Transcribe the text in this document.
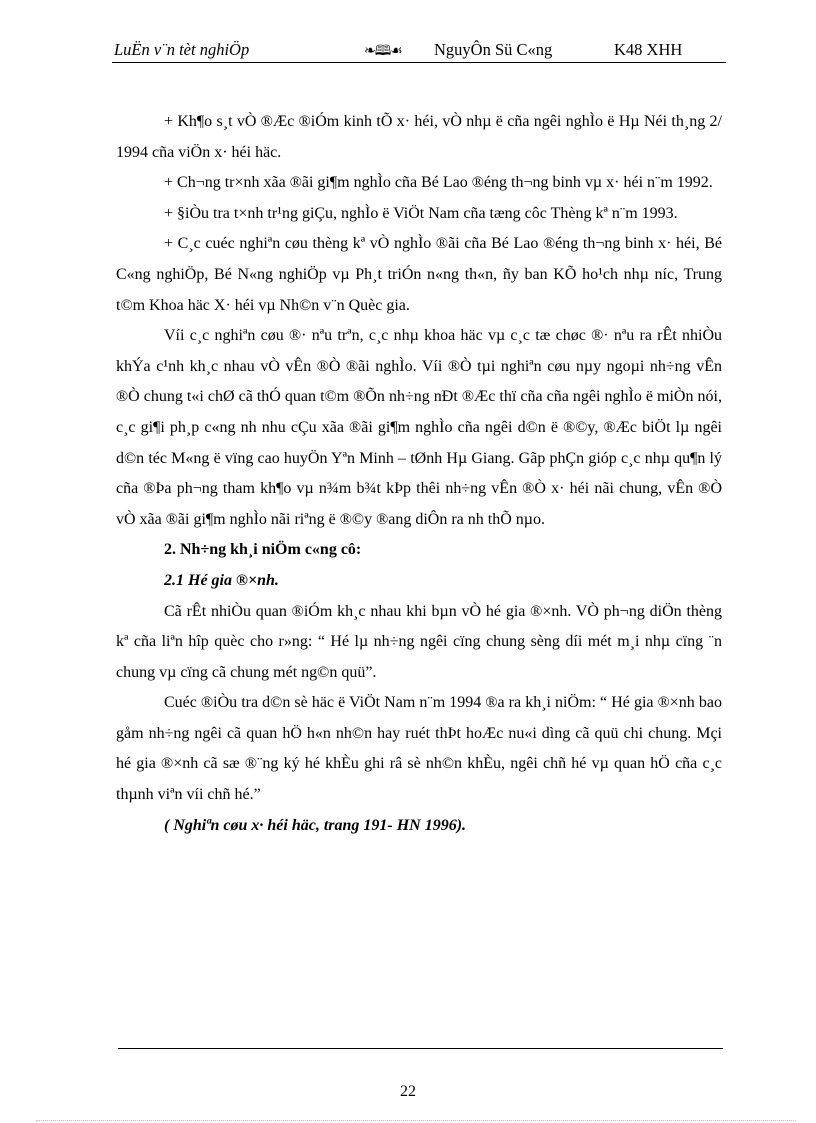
LuËn v¨n tèt nghiÖp	❧🕮☙ NguyÔn Sü C«ng	K48 XHH

+ Kh¶o s¸t vÒ ®Æc ®iÓm kinh tÕ x· héi, vÒ nhµ ë cña ngêi nghÌo ë Hµ Néi th¸ng 2/ 1994 cña viÖn x· héi häc.

+ Ch¬ng tr×nh xãa ®ãi gi¶m nghÌo cña Bé Lao ®éng th¬ng binh vµ x· héi n¨m 1992.

+ §iÒu tra t×nh tr¹ng giÇu, nghÌo ë ViÖt Nam cña tæng côc Thèng kª n¨m 1993.

+ C¸c cuéc nghiªn cøu thèng kª vÒ nghÌo ®ãi cña Bé Lao ®éng th¬ng binh x· héi, Bé C«ng nghiÖp, Bé N«ng nghiÖp vµ Ph¸t triÓn n«ng th«n, ñy ban KÕ ho¹ch nhµ níc, Trung t©m Khoa häc X· héi vµ Nh©n v¨n Quèc gia.

Víi c¸c nghiªn cøu ®· nªu trªn, c¸c nhµ khoa häc vµ c¸c tæ chøc ®· nªu ra rÊt nhiÒu khÝa c¹nh kh¸c nhau vÒ vÊn ®Ò ®ãi nghÌo. Víi ®Ò tµi nghiªn cøu nµy ngoµi nh÷ng vÊn ®Ò chung t«i chØ cã thÓ quan t©m ®Õn nh÷ng nÐt ®Æc thï cña cña ngêi nghÌo ë miÒn nói, c¸c gi¶i ph¸p c«ng nh nhu cÇu xãa ®ãi gi¶m nghÌo cña ngêi d©n ë ®©y, ®Æc biÖt lµ ngêi d©n téc M«ng ë vïng cao huyÖn Yªn Minh – tØnh Hµ Giang. Gãp phÇn gióp c¸c nhµ qu¶n lý cña ®Þa ph¬ng tham kh¶o vµ n¾m b¾t kÞp thêi nh÷ng vÊn ®Ò x· héi nãi chung, vÊn ®Ò vÒ xãa ®ãi gi¶m nghÌo nãi riªng ë ®©y ®ang diÔn ra nh thÕ nµo.

2. Nh÷ng kh¸i niÖm c«ng cô:

2.1 Hé gia ®×nh.

Cã rÊt nhiÒu quan ®iÓm kh¸c nhau khi bµn vÒ hé gia ®×nh. VÒ ph¬ng diÖn thèng kª cña liªn hîp quèc cho r»ng: “ Hé lµ nh÷ng ngêi cïng chung sèng díi mét m¸i nhµ cïng ¨n chung vµ cïng cã chung mét ng©n quü”.

Cuéc ®iÒu tra d©n sè häc ë ViÖt Nam n¨m 1994 ®a ra kh¸i niÖm: “ Hé gia ®×nh bao gåm nh÷ng ngêi cã quan hÖ h«n nh©n hay ruét thÞt hoÆc nu«i dìng cã quü chi chung. Mçi hé gia ®×nh cã sæ ®¨ng ký hé khÈu ghi râ sè nh©n khÈu, ngêi chñ hé vµ quan hÖ cña c¸c thµnh viªn víi chñ hé.”

( Nghiªn cøu x· héi häc, trang 191- HN 1996).

22
